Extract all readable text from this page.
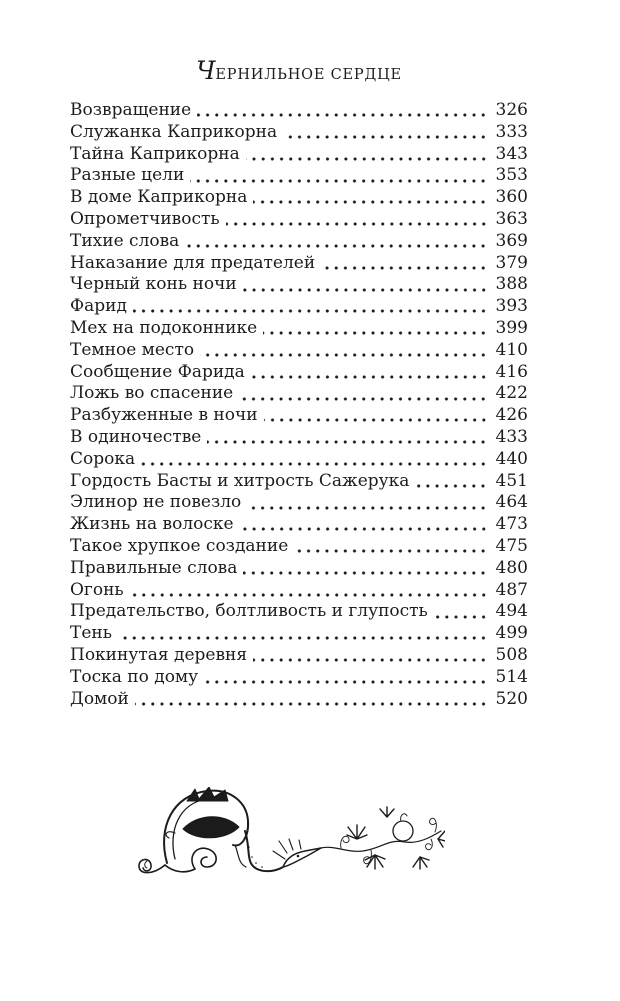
ЧЕРНИЛЬНОЕ СЕРДЦЕ
Возвращение	326
Служанка Каприкорна	333
Тайна Каприкорна	343
Разные цели	353
В доме Каприкорна	360
Опрометчивость	363
Тихие слова	369
Наказание для предателей	379
Черный конь ночи	388
Фарид	393
Мех на подоконнике	399
Темное место	410
Сообщение Фарида	416
Ложь во спасение	422
Разбуженные в ночи	426
В одиночестве	433
Сорока	440
Гордость Басты и хитрость Сажерука	451
Элинор не повезло	464
Жизнь на волоске	473
Такое хрупкое создание	475
Правильные слова	480
Огонь	487
Предательство, болтливость и глупость	494
Тень	499
Покинутая деревня	508
Тоска по дому	514
Домой	520
